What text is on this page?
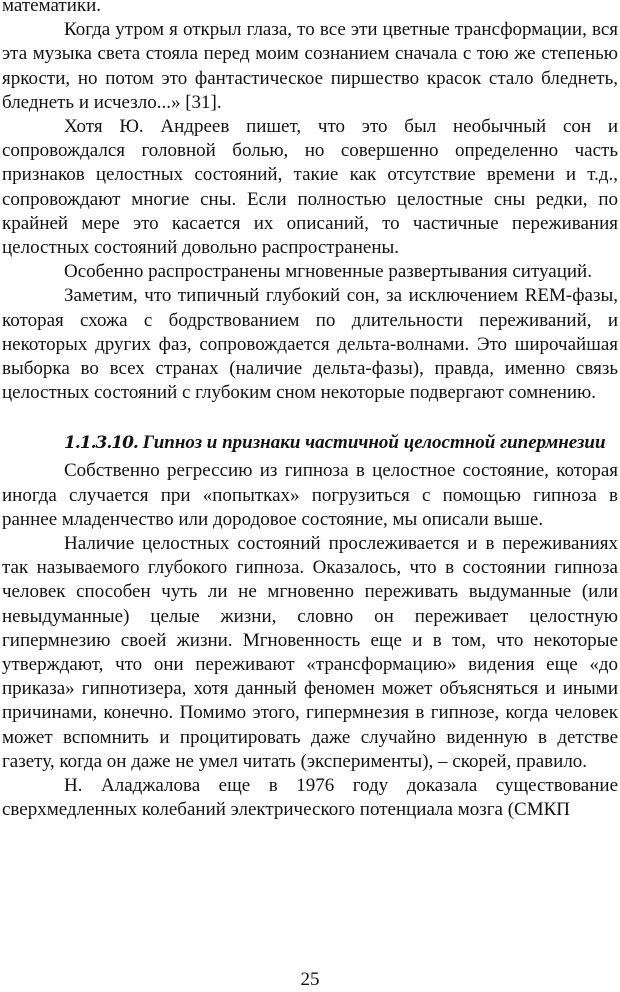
математики.

Когда утром я открыл глаза, то все эти цветные трансформации, вся эта музыка света стояла перед моим сознанием сначала с тою же степенью яркости, но потом это фантастическое пиршество красок стало бледнеть, бледнеть и исчезло...» [31].

Хотя Ю. Андреев пишет, что это был необычный сон и сопровождался головной болью, но совершенно определенно часть признаков целостных состояний, такие как отсутствие времени и т.д., сопровождают многие сны. Если полностью целостные сны редки, по крайней мере это касается их описаний, то частичные переживания целостных состояний довольно распространены.

Особенно распространены мгновенные развертывания ситуаций.

Заметим, что типичный глубокий сон, за исключением REM-фазы, которая схожа с бодрствованием по длительности переживаний, и некоторых других фаз, сопровождается дельта-волнами. Это широчайшая выборка во всех странах (наличие дельта-фазы), правда, именно связь целостных состояний с глубоким сном некоторые подвергают сомнению.

1.1.3.10. Гипноз и признаки частичной целостной гипермнезии

Собственно регрессию из гипноза в целостное состояние, которая иногда случается при «попытках» погрузиться с помощью гипноза в раннее младенчество или дородовое состояние, мы описали выше.

Наличие целостных состояний прослеживается и в переживаниях так называемого глубокого гипноза. Оказалось, что в состоянии гипноза человек способен чуть ли не мгновенно переживать выдуманные (или невыдуманные) целые жизни, словно он переживает целостную гипермнезию своей жизни. Мгновенность еще и в том, что некоторые утверждают, что они переживают «трансформацию» видения еще «до приказа» гипнотизера, хотя данный феномен может объясняться и иными причинами, конечно. Помимо этого, гипермнезия в гипнозе, когда человек может вспомнить и процитировать даже случайно виденную в детстве газету, когда он даже не умел читать (эксперименты), – скорей, правило.

Н. Аладжалова еще в 1976 году доказала существование сверхмедленных колебаний электрического потенциала мозга (СМКП

25
